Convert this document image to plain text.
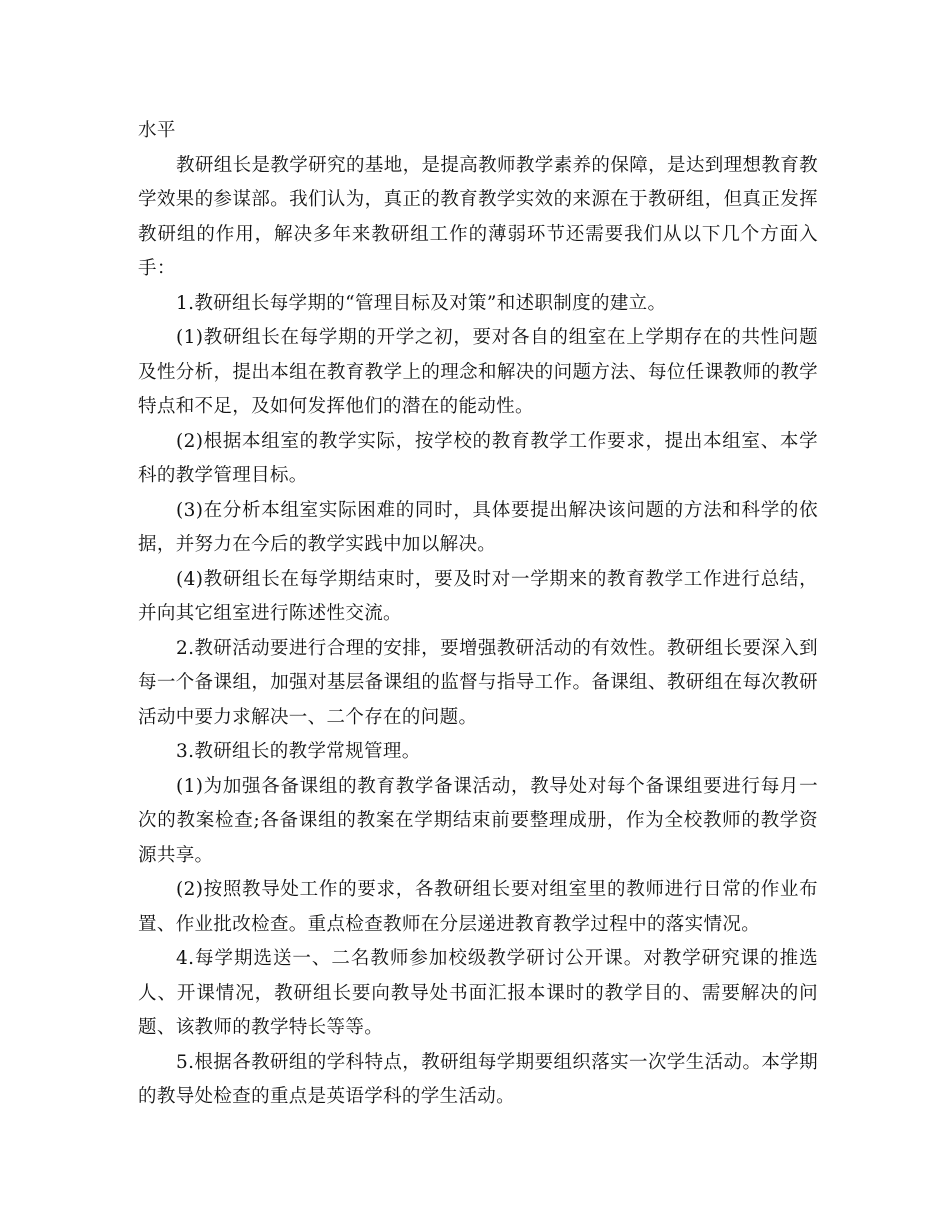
水平

教研组长是教学研究的基地，是提高教师教学素养的保障，是达到理想教育教学效果的参谋部。我们认为，真正的教育教学实效的来源在于教研组，但真正发挥教研组的作用，解决多年来教研组工作的薄弱环节还需要我们从以下几个方面入手：

1.教研组长每学期的“管理目标及对策”和述职制度的建立。

(1)教研组长在每学期的开学之初，要对各自的组室在上学期存在的共性问题及性分析，提出本组在教育教学上的理念和解决的问题方法、每位任课教师的教学特点和不足，及如何发挥他们的潜在的能动性。

(2)根据本组室的教学实际，按学校的教育教学工作要求，提出本组室、本学科的教学管理目标。

(3)在分析本组室实际困难的同时，具体要提出解决该问题的方法和科学的依据，并努力在今后的教学实践中加以解决。

(4)教研组长在每学期结束时，要及时对一学期来的教育教学工作进行总结，并向其它组室进行陈述性交流。

2.教研活动要进行合理的安排，要增强教研活动的有效性。教研组长要深入到每一个备课组，加强对基层备课组的监督与指导工作。备课组、教研组在每次教研活动中要力求解决一、二个存在的问题。

3.教研组长的教学常规管理。

(1)为加强各备课组的教育教学备课活动，教导处对每个备课组要进行每月一次的教案检查;各备课组的教案在学期结束前要整理成册，作为全校教师的教学资源共享。

(2)按照教导处工作的要求，各教研组长要对组室里的教师进行日常的作业布置、作业批改检查。重点检查教师在分层递进教育教学过程中的落实情况。

4.每学期选送一、二名教师参加校级教学研讨公开课。对教学研究课的推选人、开课情况，教研组长要向教导处书面汇报本课时的教学目的、需要解决的问题、该教师的教学特长等等。

5.根据各教研组的学科特点，教研组每学期要组织落实一次学生活动。本学期的教导处检查的重点是英语学科的学生活动。
